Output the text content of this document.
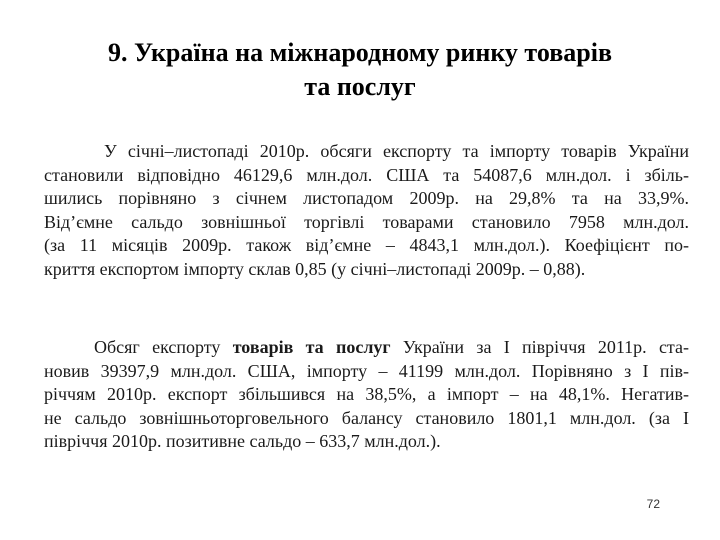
9. Україна на міжнародному ринку товарів
та послуг
У січні–листопаді 2010р. обсяги експорту та імпорту товарів України
становили відповідно 46129,6 млн.дол. США та 54087,6 млн.дол. і збіль-
шились порівняно з січнем листопадом 2009р. на 29,8% та на 33,9%.
Від’ємне сальдо зовнішньої торгівлі товарами становило 7958 млн.дол.
(за 11 місяців 2009р. також від’ємне – 4843,1 млн.дол.). Коефіцієнт по-
криття експортом імпорту склав 0,85 (у січні–листопаді 2009р. – 0,88).
Обсяг експорту товарів та послуг України за І півріччя 2011р. ста-
новив 39397,9 млн.дол. США, імпорту – 41199 млн.дол. Порівняно з І пів-
річчям 2010р. експорт збільшився на 38,5%, а імпорт – на 48,1%. Негатив-
не сальдо зовнішньоторговельного балансу становило 1801,1 млн.дол. (за І
півріччя 2010р. позитивне сальдо – 633,7 млн.дол.).
72
